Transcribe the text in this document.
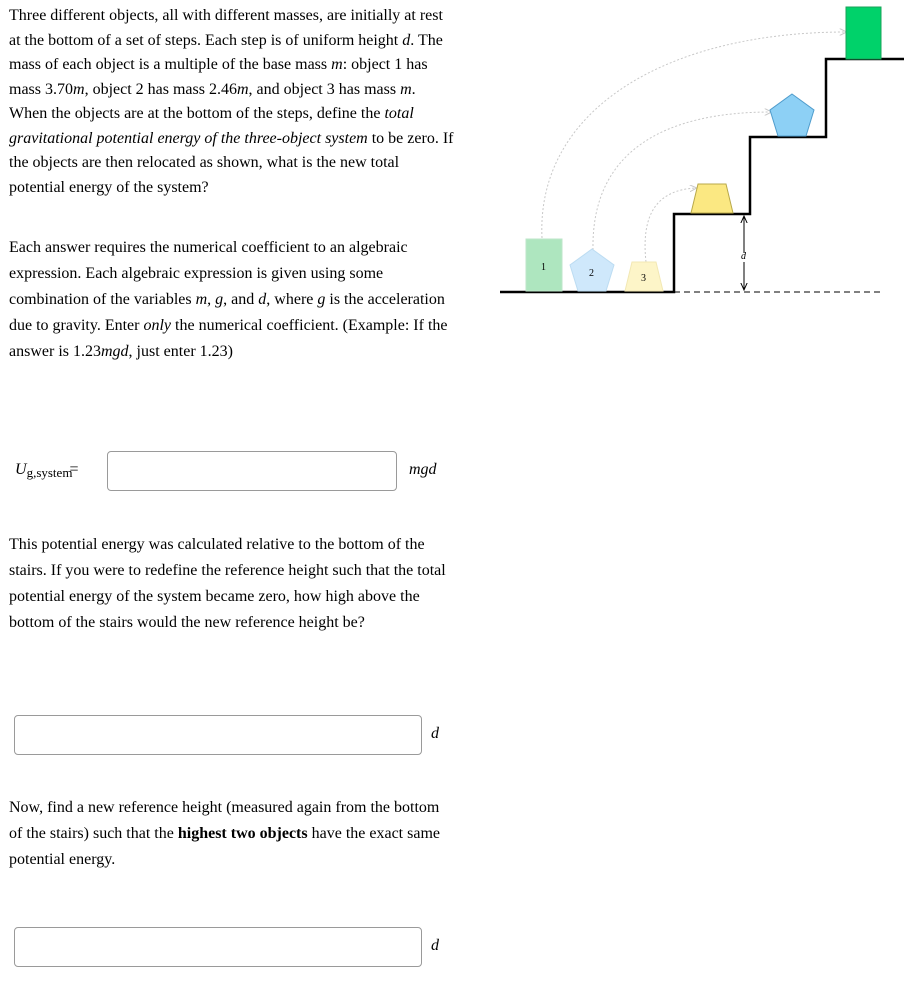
Three different objects, all with different masses, are initially at rest at the bottom of a set of steps. Each step is of uniform height d. The mass of each object is a multiple of the base mass m: object 1 has mass 3.70m, object 2 has mass 2.46m, and object 3 has mass m. When the objects are at the bottom of the steps, define the total gravitational potential energy of the three-object system to be zero. If the objects are then relocated as shown, what is the new total potential energy of the system?

Each answer requires the numerical coefficient to an algebraic expression. Each algebraic expression is given using some combination of the variables m, g, and d, where g is the acceleration due to gravity. Enter only the numerical coefficient. (Example: If the answer is 1.23mgd, just enter 1.23)

Ug,system=	mgd

This potential energy was calculated relative to the bottom of the stairs. If you were to redefine the reference height such that the total potential energy of the system became zero, how high above the bottom of the stairs would the new reference height be?

d

Now, find a new reference height (measured again from the bottom of the stairs) such that the highest two objects have the exact same potential energy.

d
d
1
2	3
